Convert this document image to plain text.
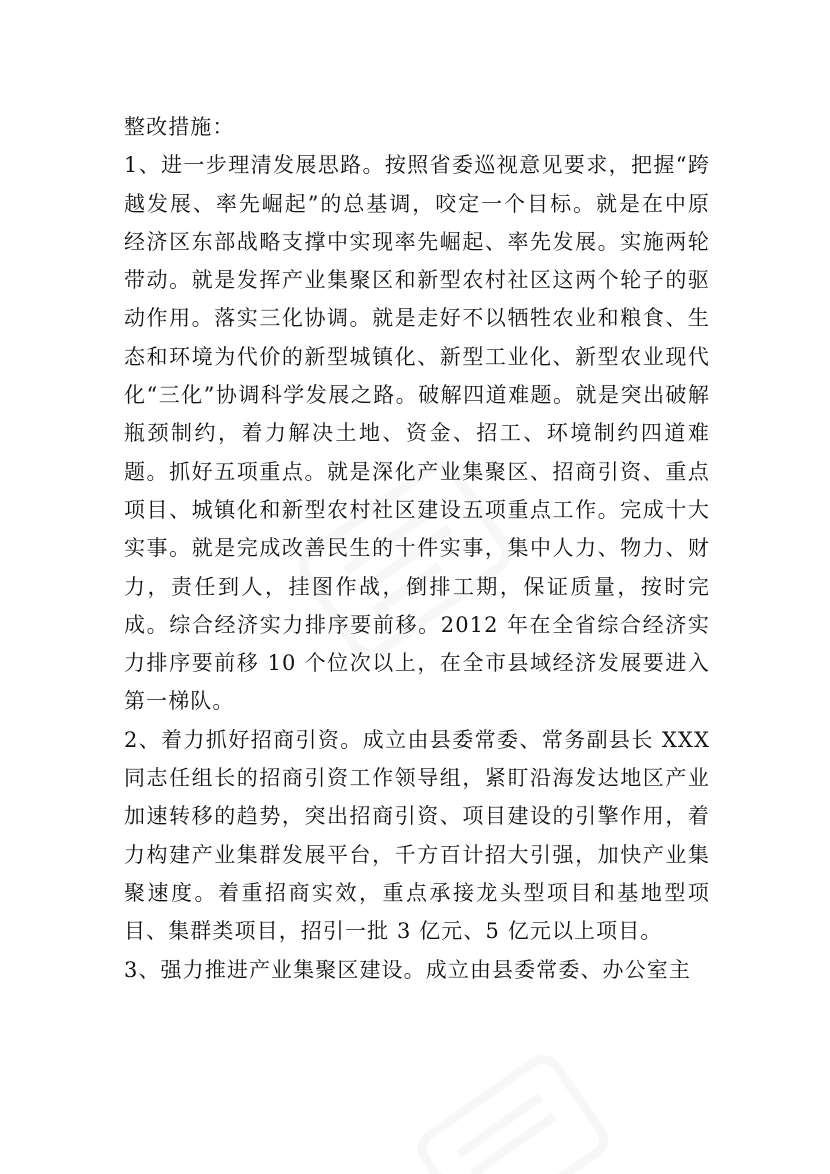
整改措施：

1、进一步理清发展思路。按照省委巡视意见要求，把握“跨越发展、率先崛起”的总基调，咬定一个目标。就是在中原经济区东部战略支撑中实现率先崛起、率先发展。实施两轮带动。就是发挥产业集聚区和新型农村社区这两个轮子的驱动作用。落实三化协调。就是走好不以牺牲农业和粮食、生态和环境为代价的新型城镇化、新型工业化、新型农业现代化“三化”协调科学发展之路。破解四道难题。就是突出破解瓶颈制约，着力解决土地、资金、招工、环境制约四道难题。抓好五项重点。就是深化产业集聚区、招商引资、重点项目、城镇化和新型农村社区建设五项重点工作。完成十大实事。就是完成改善民生的十件实事，集中人力、物力、财力，责任到人，挂图作战，倒排工期，保证质量，按时完成。综合经济实力排序要前移。2012 年在全省综合经济实力排序要前移 10 个位次以上，在全市县域经济发展要进入第一梯队。

2、着力抓好招商引资。成立由县委常委、常务副县长 XXX 同志任组长的招商引资工作领导组，紧盯沿海发达地区产业加速转移的趋势，突出招商引资、项目建设的引擎作用，着力构建产业集群发展平台，千方百计招大引强，加快产业集聚速度。着重招商实效，重点承接龙头型项目和基地型项目、集群类项目，招引一批 3 亿元、5 亿元以上项目。

3、强力推进产业集聚区建设。成立由县委常委、办公室主
